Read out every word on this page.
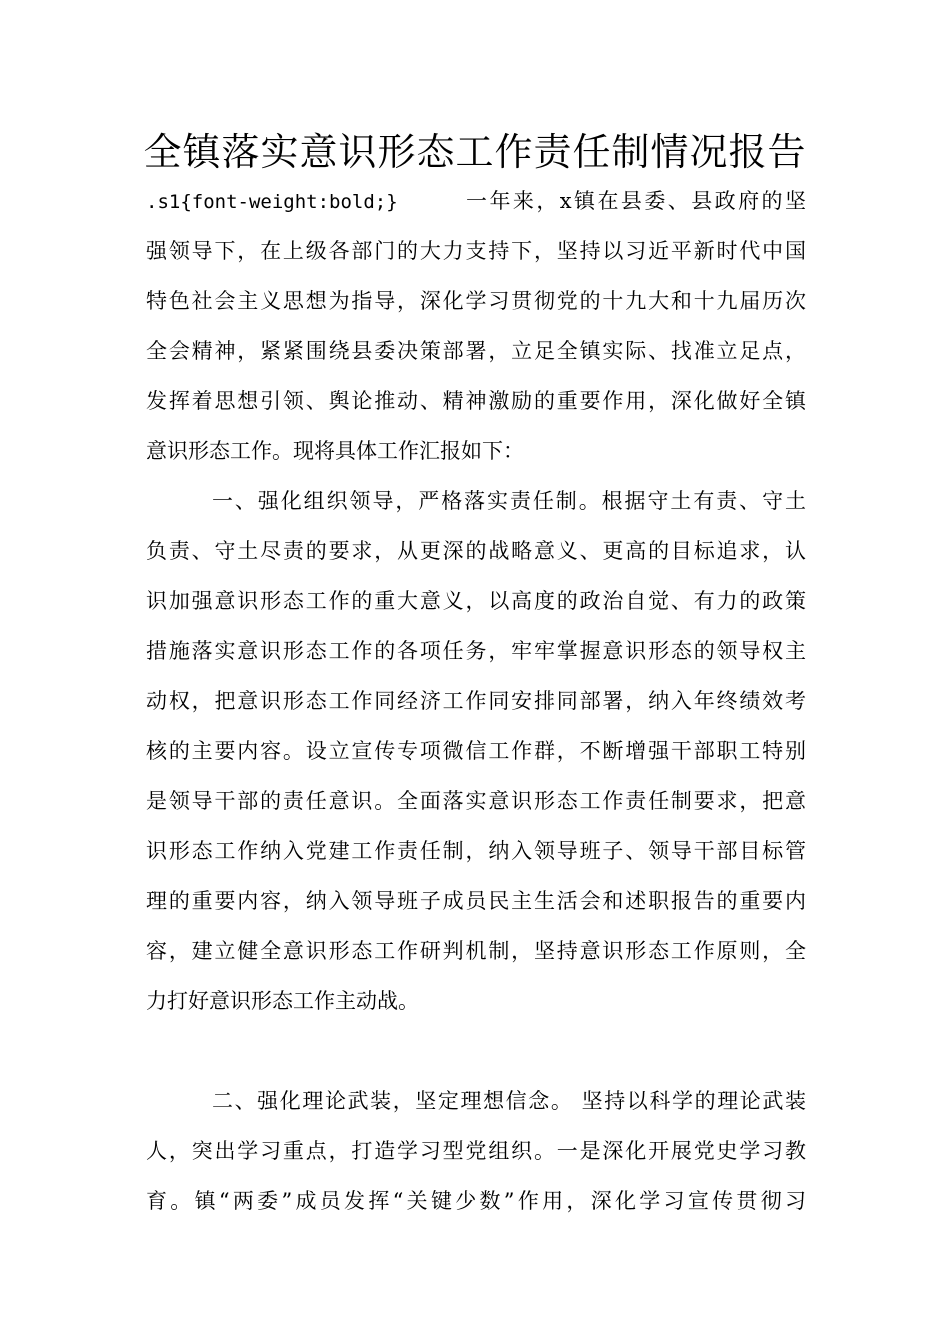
全镇落实意识形态工作责任制情况报告
.s1{font-weight:bold;}	一年来，x镇在县委、县政府的坚
强领导下，在上级各部门的大力支持下，坚持以习近平新时代中国
特色社会主义思想为指导，深化学习贯彻党的十九大和十九届历次
全会精神，紧紧围绕县委决策部署，立足全镇实际、找准立足点，
发挥着思想引领、舆论推动、精神激励的重要作用，深化做好全镇
意识形态工作。现将具体工作汇报如下：
一、强化组织领导，严格落实责任制。根据守土有责、守土
负责、守土尽责的要求，从更深的战略意义、更高的目标追求，认
识加强意识形态工作的重大意义，以高度的政治自觉、有力的政策
措施落实意识形态工作的各项任务，牢牢掌握意识形态的领导权主
动权，把意识形态工作同经济工作同安排同部署，纳入年终绩效考
核的主要内容。设立宣传专项微信工作群，不断增强干部职工特别
是领导干部的责任意识。全面落实意识形态工作责任制要求，把意
识形态工作纳入党建工作责任制，纳入领导班子、领导干部目标管
理的重要内容，纳入领导班子成员民主生活会和述职报告的重要内
容，建立健全意识形态工作研判机制，坚持意识形态工作原则，全
力打好意识形态工作主动战。
二、强化理论武装，坚定理想信念。 坚持以科学的理论武装
人，突出学习重点，打造学习型党组织。一是深化开展党史学习教
育。镇“两委”成员发挥“关键少数”作用，深化学习宣传贯彻习
